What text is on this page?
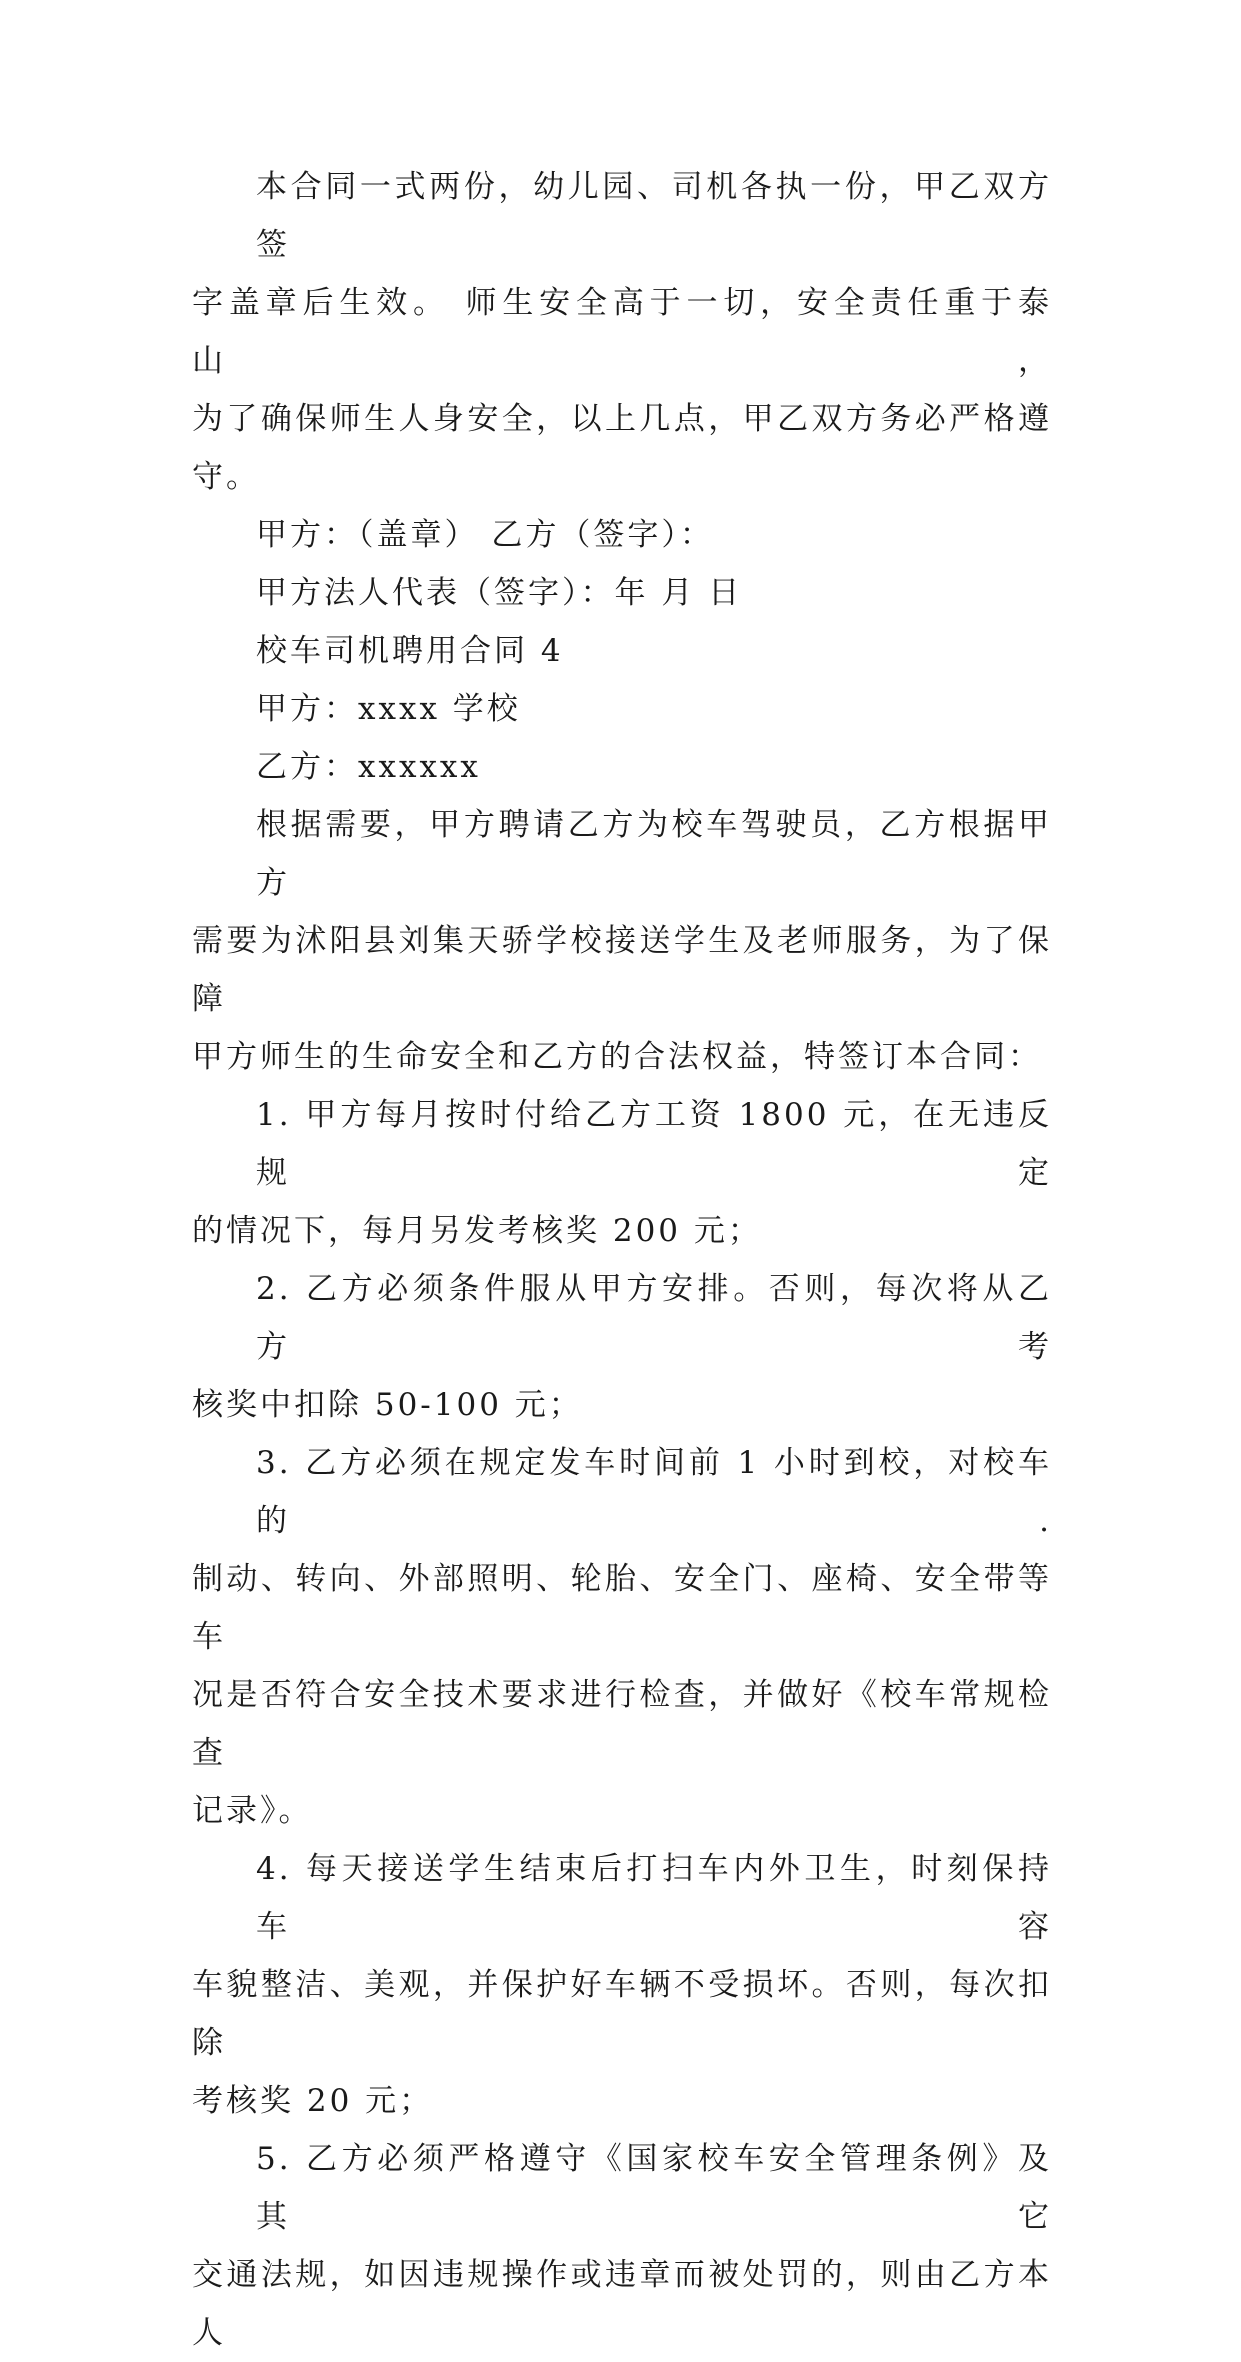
本合同一式两份，幼儿园、司机各执一份，甲乙双方签
字盖章后生效。 师生安全高于一切，安全责任重于泰山，
为了确保师生人身安全，以上几点，甲乙双方务必严格遵守。
甲方：（盖章） 乙方（签字）：
甲方法人代表（签字）：年 月 日
校车司机聘用合同 4
甲方：xxxx 学校
乙方：xxxxxx
根据需要，甲方聘请乙方为校车驾驶员，乙方根据甲方
需要为沭阳县刘集天骄学校接送学生及老师服务，为了保障
甲方师生的生命安全和乙方的合法权益，特签订本合同：
1. 甲方每月按时付给乙方工资 1800 元，在无违反规定
的情况下，每月另发考核奖 200 元；
2. 乙方必须条件服从甲方安排。否则，每次将从乙方考
核奖中扣除 50-100 元；
3. 乙方必须在规定发车时间前 1 小时到校，对校车的.
制动、转向、外部照明、轮胎、安全门、座椅、安全带等车
况是否符合安全技术要求进行检查，并做好《校车常规检查
记录》。
4. 每天接送学生结束后打扫车内外卫生，时刻保持车容
车貌整洁、美观，并保护好车辆不受损坏。否则，每次扣除
考核奖 20 元；
5. 乙方必须严格遵守《国家校车安全管理条例》及其它
交通法规，如因违规操作或违章而被处罚的，则由乙方本人
